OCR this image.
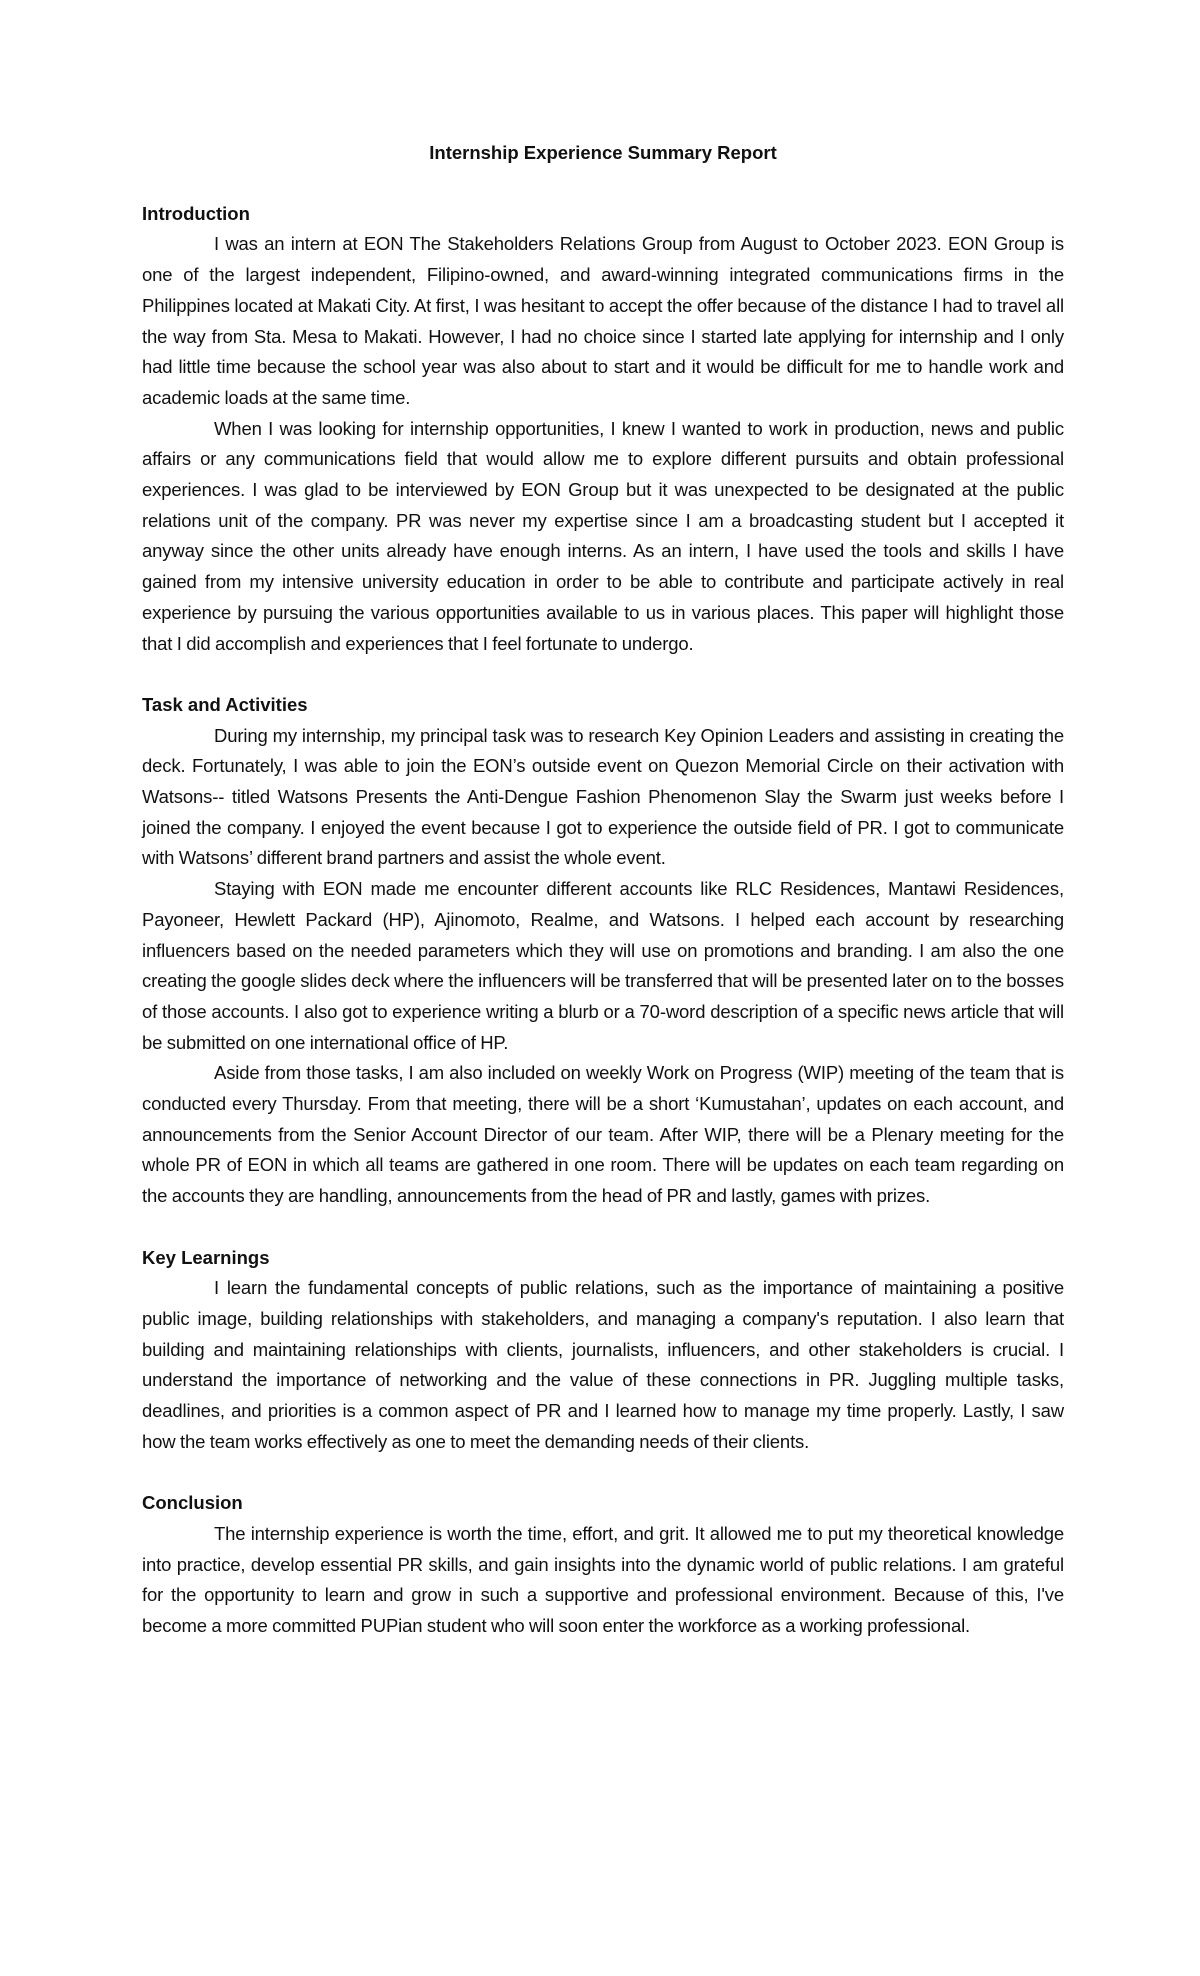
Internship Experience Summary Report
Introduction

I was an intern at EON The Stakeholders Relations Group from August to October 2023. EON Group is one of the largest independent, Filipino-owned, and award-winning integrated communications firms in the Philippines located at Makati City. At first, I was hesitant to accept the offer because of the distance I had to travel all the way from Sta. Mesa to Makati. However, I had no choice since I started late applying for internship and I only had little time because the school year was also about to start and it would be difficult for me to handle work and academic loads at the same time.

When I was looking for internship opportunities, I knew I wanted to work in production, news and public affairs or any communications field that would allow me to explore different pursuits and obtain professional experiences. I was glad to be interviewed by EON Group but it was unexpected to be designated at the public relations unit of the company. PR was never my expertise since I am a broadcasting student but I accepted it anyway since the other units already have enough interns. As an intern, I have used the tools and skills I have gained from my intensive university education in order to be able to contribute and participate actively in real experience by pursuing the various opportunities available to us in various places. This paper will highlight those that I did accomplish and experiences that I feel fortunate to undergo.

Task and Activities

During my internship, my principal task was to research Key Opinion Leaders and assisting in creating the deck. Fortunately, I was able to join the EON’s outside event on Quezon Memorial Circle on their activation with Watsons-- titled Watsons Presents the Anti-Dengue Fashion Phenomenon Slay the Swarm just weeks before I joined the company. I enjoyed the event because I got to experience the outside field of PR. I got to communicate with Watsons’ different brand partners and assist the whole event.

Staying with EON made me encounter different accounts like RLC Residences, Mantawi Residences, Payoneer, Hewlett Packard (HP), Ajinomoto, Realme, and Watsons. I helped each account by researching influencers based on the needed parameters which they will use on promotions and branding. I am also the one creating the google slides deck where the influencers will be transferred that will be presented later on to the bosses of those accounts. I also got to experience writing a blurb or a 70-word description of a specific news article that will be submitted on one international office of HP.

Aside from those tasks, I am also included on weekly Work on Progress (WIP) meeting of the team that is conducted every Thursday. From that meeting, there will be a short ‘Kumustahan’, updates on each account, and announcements from the Senior Account Director of our team. After WIP, there will be a Plenary meeting for the whole PR of EON in which all teams are gathered in one room. There will be updates on each team regarding on the accounts they are handling, announcements from the head of PR and lastly, games with prizes.

Key Learnings

I learn the fundamental concepts of public relations, such as the importance of maintaining a positive public image, building relationships with stakeholders, and managing a company's reputation. I also learn that building and maintaining relationships with clients, journalists, influencers, and other stakeholders is crucial. I understand the importance of networking and the value of these connections in PR. Juggling multiple tasks, deadlines, and priorities is a common aspect of PR and I learned how to manage my time properly. Lastly, I saw how the team works effectively as one to meet the demanding needs of their clients.

Conclusion

The internship experience is worth the time, effort, and grit. It allowed me to put my theoretical knowledge into practice, develop essential PR skills, and gain insights into the dynamic world of public relations. I am grateful for the opportunity to learn and grow in such a supportive and professional environment. Because of this, I've become a more committed PUPian student who will soon enter the workforce as a working professional.
